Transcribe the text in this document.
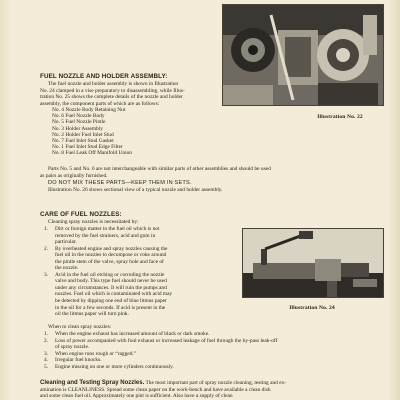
Illustration No. 22
FUEL NOZZLE AND HOLDER ASSEMBLY:
The fuel nozzle and holder assembly is shown in Illustration
No. 24 clamped in a vise preparatory to disassembling, while Illus-
tration No. 25 shows the complete details of the nozzle and holder
assembly, the component parts of which are as follows:
No. 4 Nozzle Body Retaining Nut
No. 6 Fuel Nozzle Body
No. 5 Fuel Nozzle Pintle
No. 3 Holder Assembly
No. 2 Holder Fuel Inlet Stud
No. 7 Fuel Inlet Stud Gasket
No. 1 Fuel Inlet Stud Edge Filter
No. 8 Fuel Leak Off Manifold Union
Parts No. 5 and No. 6 are not interchangeable with similar parts of other assemblies and should be used
as pairs as originally furnished.
DO NOT MIX THESE PARTS—KEEP THEM IN SETS.
Illustration No. 26 shows sectional view of a typical nozzle and holder assembly.
CARE OF FUEL NOZZLES:
Cleaning spray nozzles is necessitated by:
1. Dirt or foreign matter in the fuel oil which is not
removed by the fuel strainers, acid and gum in
particular.
2. By overheated engine and spray nozzles causing the
fuel oil in the nozzles to decompose or coke around
the pintle stem of the valve, spray hole and face of
the nozzle.
3. Acid in the fuel oil etching or corroding the nozzle
valve and body. This type fuel should never be used
under any circumstances. It will ruin the pumps and
nozzles. Fuel oil which is contaminated with acid may
be detected by dipping one end of blue litmus paper
in the oil for a few seconds. If acid is present in the
oil the litmus paper will turn pink.
Illustration No. 24
When to clean spray nozzles:
1. When the engine exhaust has increased amount of black or dark smoke.
2. Loss of power accompanied with foul exhaust or increased leakage of fuel through the by-pass leak-off
of spray nozzle.
3. When engine runs rough or “ragged.”
4. Irregular fuel knocks.
5. Engine missing on one or more cylinders continuously.
Cleaning and Testing Spray Nozzles. The most important part of spray nozzle cleaning, testing and ex-
amination is CLEANLINESS. Spread some clean paper on the work-bench and have available a clean dish
and some clean fuel oil. Approximately one pint is sufficient. Also have a supply of clean
